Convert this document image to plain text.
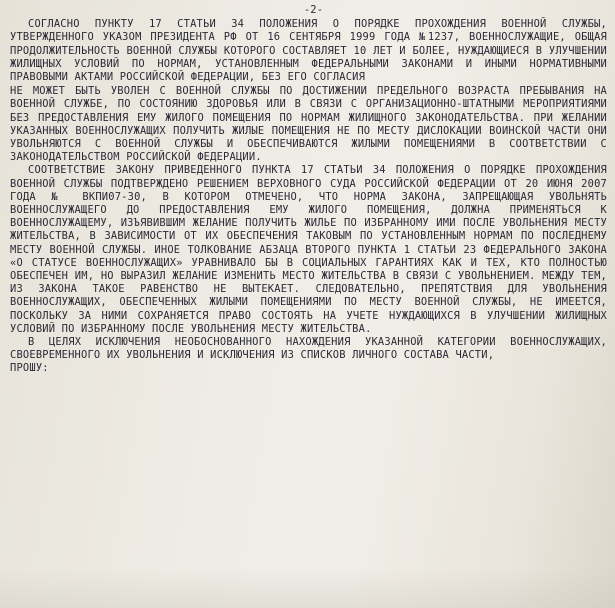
-2-

СОГЛАСНО ПУНКТУ 17 СТАТЬИ 34 ПОЛОЖЕНИЯ О ПОРЯДКЕ ПРОХОЖДЕНИЯ ВОЕННОЙ СЛУЖБЫ, УТВЕРЖДЕННОГО УКАЗОМ ПРЕЗИДЕНТА РФ ОТ 16 СЕНТЯБРЯ 1999 ГОДА №1237, ВОЕННОСЛУЖАЩИЕ, ОБЩАЯ ПРОДОЛЖИТЕЛЬНОСТЬ ВОЕННОЙ СЛУЖБЫ КОТОРОГО СОСТАВЛЯЕТ 10 ЛЕТ И БОЛЕЕ, НУЖДАЮЩИЕСЯ В УЛУЧШЕНИИ ЖИЛИЩНЫХ УСЛОВИЙ ПО НОРМАМ, УСТАНОВЛЕННЫМ ФЕДЕРАЛЬНЫМИ ЗАКОНАМИ И ИНЫМИ НОРМАТИВНЫМИ ПРАВОВЫМИ АКТАМИ РОССИЙСКОЙ ФЕДЕРАЦИИ, БЕЗ ЕГО СОГЛАСИЯ

НЕ МОЖЕТ БЫТЬ УВОЛЕН С ВОЕННОЙ СЛУЖБЫ ПО ДОСТИЖЕНИИ ПРЕДЕЛЬНОГО ВОЗРАСТА ПРЕБЫВАНИЯ НА ВОЕННОЙ СЛУЖБЕ, ПО СОСТОЯНИЮ ЗДОРОВЬЯ ИЛИ В СВЯЗИ С ОРГАНИЗАЦИОННО-ШТАТНЫМИ МЕРОПРИЯТИЯМИ БЕЗ ПРЕДОСТАВЛЕНИЯ ЕМУ ЖИЛОГО ПОМЕЩЕНИЯ ПО НОРМАМ ЖИЛИЩНОГО ЗАКОНОДАТЕЛЬСТВА. ПРИ ЖЕЛАНИИ УКАЗАННЫХ ВОЕННОСЛУЖАЩИХ ПОЛУЧИТЬ ЖИЛЫЕ ПОМЕЩЕНИЯ НЕ ПО МЕСТУ ДИСЛОКАЦИИ ВОИНСКОЙ ЧАСТИ ОНИ УВОЛЬНЯЮТСЯ С ВОЕННОЙ СЛУЖБЫ И ОБЕСПЕЧИВАЮТСЯ ЖИЛЫМИ ПОМЕЩЕНИЯМИ В СООТВЕТСТВИИ С ЗАКОНОДАТЕЛЬСТВОМ РОССИЙСКОЙ ФЕДЕРАЦИИ.

СООТВЕТСТВИЕ ЗАКОНУ ПРИВЕДЕННОГО ПУНКТА 17 СТАТЬИ 34 ПОЛОЖЕНИЯ О ПОРЯДКЕ ПРОХОЖДЕНИЯ ВОЕННОЙ СЛУЖБЫ ПОДТВЕРЖДЕНО РЕШЕНИЕМ ВЕРХОВНОГО СУДА РОССИЙСКОЙ ФЕДЕРАЦИИ ОТ 20 ИЮНЯ 2007 ГОДА № ВКПИ07-30, В КОТОРОМ ОТМЕЧЕНО, ЧТО НОРМА ЗАКОНА, ЗАПРЕЩАЮЩАЯ УВОЛЬНЯТЬ ВОЕННОСЛУЖАЩЕГО ДО ПРЕДОСТАВЛЕНИЯ ЕМУ ЖИЛОГО ПОМЕЩЕНИЯ, ДОЛЖНА ПРИМЕНЯТЬСЯ К ВОЕННОСЛУЖАЩЕМУ, ИЗЪЯВИВШИМ ЖЕЛАНИЕ ПОЛУЧИТЬ ЖИЛЬЕ ПО ИЗБРАННОМУ ИМИ ПОСЛЕ УВОЛЬНЕНИЯ МЕСТУ ЖИТЕЛЬСТВА, В ЗАВИСИМОСТИ ОТ ИХ ОБЕСПЕЧЕНИЯ ТАКОВЫМ ПО УСТАНОВЛЕННЫМ НОРМАМ ПО ПОСЛЕДНЕМУ МЕСТУ ВОЕННОЙ СЛУЖБЫ. ИНОЕ ТОЛКОВАНИЕ АБЗАЦА ВТОРОГО ПУНКТА 1 СТАТЬИ 23 ФЕДЕРАЛЬНОГО ЗАКОНА «О СТАТУСЕ ВОЕННОСЛУЖАЩИХ» УРАВНИВАЛО БЫ В СОЦИАЛЬНЫХ ГАРАНТИЯХ КАК И ТЕХ, КТО ПОЛНОСТЬЮ ОБЕСПЕЧЕН ИМ, НО ВЫРАЗИЛ ЖЕЛАНИЕ ИЗМЕНИТЬ МЕСТО ЖИТЕЛЬСТВА В СВЯЗИ С УВОЛЬНЕНИЕМ. МЕЖДУ ТЕМ, ИЗ ЗАКОНА ТАКОЕ РАВЕНСТВО НЕ ВЫТЕКАЕТ. СЛЕДОВАТЕЛЬНО, ПРЕПЯТСТВИЯ ДЛЯ УВОЛЬНЕНИЯ ВОЕННОСЛУЖАЩИХ, ОБЕСПЕЧЕННЫХ ЖИЛЫМИ ПОМЕЩЕНИЯМИ ПО МЕСТУ ВОЕННОЙ СЛУЖБЫ, НЕ ИМЕЕТСЯ, ПОСКОЛЬКУ ЗА НИМИ СОХРАНЯЕТСЯ ПРАВО СОСТОЯТЬ НА УЧЕТЕ НУЖДАЮЩИХСЯ В УЛУЧШЕНИИ ЖИЛИЩНЫХ УСЛОВИЙ ПО ИЗБРАННОМУ ПОСЛЕ УВОЛЬНЕНИЯ МЕСТУ ЖИТЕЛЬСТВА.

В ЦЕЛЯХ ИСКЛЮЧЕНИЯ НЕОБОСНОВАННОГО НАХОЖДЕНИЯ УКАЗАННОЙ КАТЕГОРИИ ВОЕННОСЛУЖАЩИХ, СВОЕВРЕМЕННОГО ИХ УВОЛЬНЕНИЯ И ИСКЛЮЧЕНИЯ ИЗ СПИСКОВ ЛИЧНОГО СОСТАВА ЧАСТИ,

ПРОШУ:
